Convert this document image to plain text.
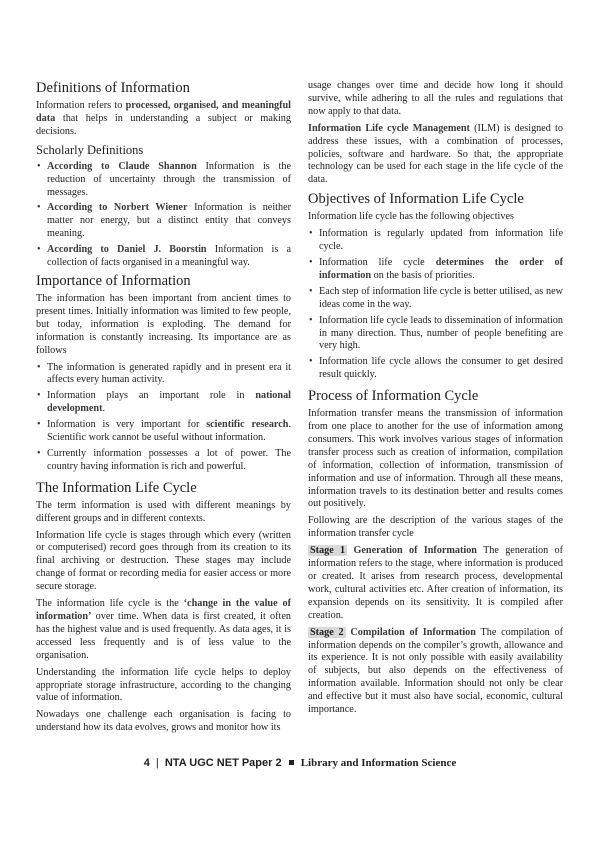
Definitions of Information

Information refers to processed, organised, and meaningful data that helps in understanding a subject or making decisions.

Scholarly Definitions
• According to Claude Shannon Information is the reduction of uncertainty through the transmission of messages.
• According to Norbert Wiener Information is neither matter nor energy, but a distinct entity that conveys meaning.
• According to Daniel J. Boorstin Information is a collection of facts organised in a meaningful way.
Importance of Information

The information has been important from ancient times to present times. Initially information was limited to few people, but today, information is exploding. The demand for information is constantly increasing. Its importance are as follows

• The information is generated rapidly and in present era it affects every human activity.
• Information plays an important role in national development.
• Information is very important for scientific research. Scientific work cannot be useful without information.
• Currently information possesses a lot of power. The country having information is rich and powerful.
The Information Life Cycle

The term information is used with different meanings by different groups and in different contexts.

Information life cycle is stages through which every (written or computerised) record goes through from its creation to its final archiving or destruction. These stages may include change of format or recording media for easier access or more secure storage.

The information life cycle is the ‘change in the value of information’ over time. When data is first created, it often has the highest value and is used frequently. As data ages, it is accessed less frequently and is of less value to the organisation.

Understanding the information life cycle helps to deploy appropriate storage infrastructure, according to the changing value of information.

Nowadays one challenge each organisation is facing to understand how its data evolves, grows and monitor how its

usage changes over time and decide how long it should survive, while adhering to all the rules and regulations that now apply to that data.

Information Life cycle Management (ILM) is designed to address these issues, with a combination of processes, policies, software and hardware. So that, the appropriate technology can be used for each stage in the life cycle of the data.

Objectives of Information Life Cycle

Information life cycle has the following objectives

• Information is regularly updated from information life cycle.
• Information life cycle determines the order of information on the basis of priorities.
• Each step of information life cycle is better utilised, as new ideas come in the way.
• Information life cycle leads to dissemination of information in many direction. Thus, number of people benefiting are very high.
• Information life cycle allows the consumer to get desired result quickly.
Process of Information Cycle

Information transfer means the transmission of information from one place to another for the use of information among consumers. This work involves various stages of information transfer process such as creation of information, compilation of information, collection of information, transmission of information and use of information. Through all these means, information travels to its destination better and results comes out positively.

Following are the description of the various stages of the information transfer cycle

Stage 1 Generation of Information The generation of information refers to the stage, where information is produced or created. It arises from research process, developmental work, cultural activities etc. After creation of information, its expansion depends on its sensitivity. It is compiled after creation.

Stage 2 Compilation of Information The compilation of information depends on the compiler’s growth, allowance and its experience. It is not only possible with easily availability of subjects, but also depends on the effectiveness of information available. Information should not only be clear and effective but it must also have social, economic, cultural importance.

4 | NTA UGC NET Paper 2 Library and Information Science
